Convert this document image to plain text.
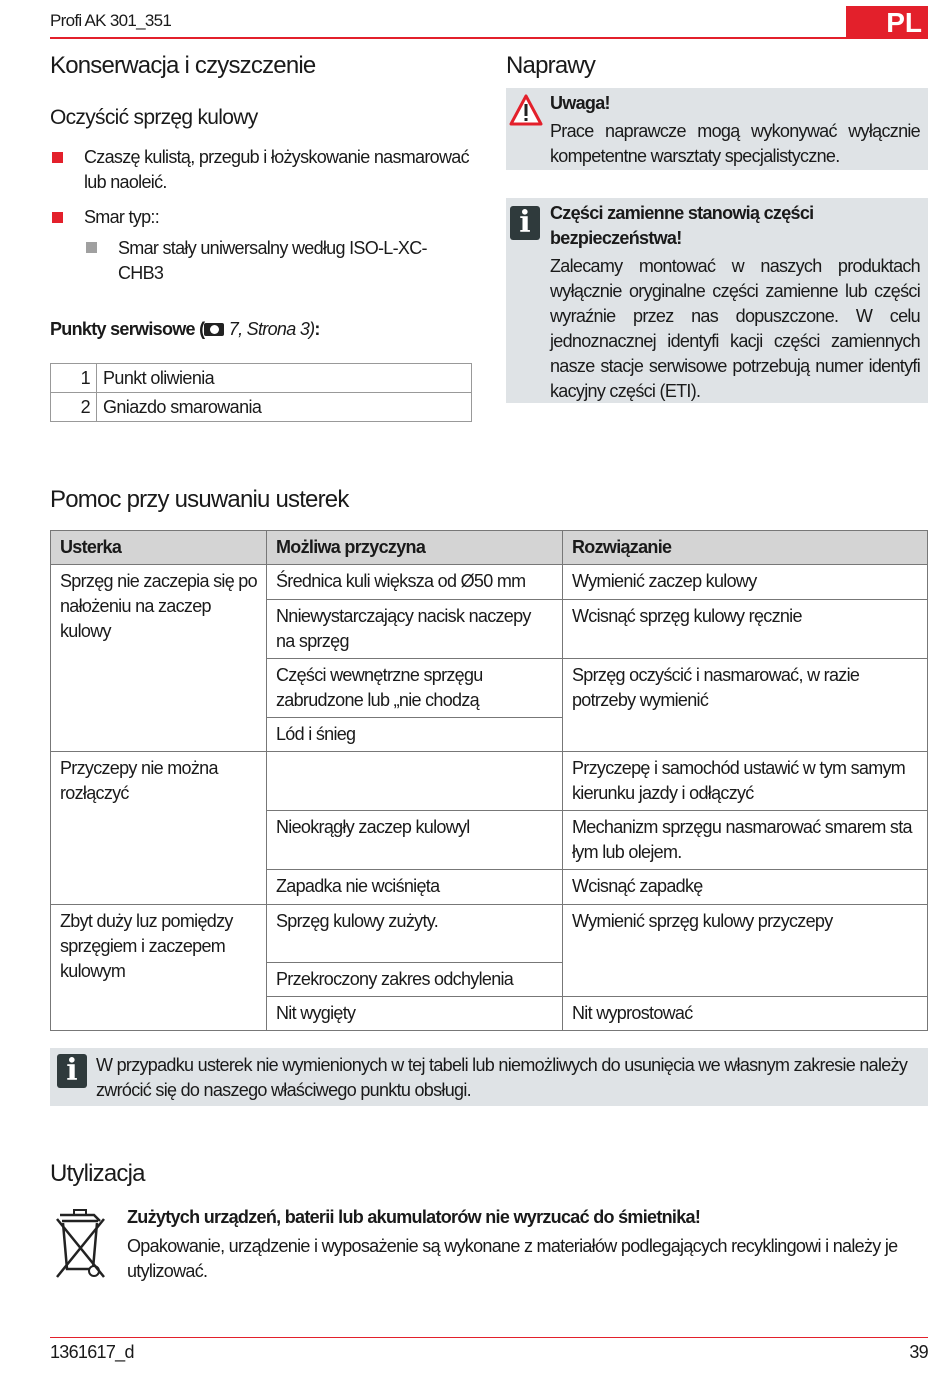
Profi AK 301_351	PL
Konserwacja i czyszczenie
Oczyścić sprzęg kulowy
Czaszę kulistą, przegub i łożyskowanie nasmarować lub naoleić.
Smar typ::
Smar stały uniwersalny według ISO-L-XC-CHB3
Punkty serwisowe (
7, Strona 3):
1	Punkt oliwienia
2	Gniazdo smarowania
Naprawy
Uwaga!
Prace naprawcze mogą wykonywać wyłącznie kompetentne warsztaty specjalistyczne.
i	Części zamienne stanowią części bezpieczeństwa!
Zalecamy montować w naszych produktach wyłącznie oryginalne części zamienne lub części wyraźnie przez nas dopuszczone. W celu jednoznacznej identyfi kacji części zamiennych nasze stacje serwisowe potrzebują numer identyfi kacyjny części (ETI).
Pomoc przy usuwaniu usterek
Usterka	Możliwa przyczyna	Rozwiązanie
Sprzęg nie zaczepia się po nałożeniu na zaczep kulowy	Średnica kuli większa od Ø50 mm	Wymienić zaczep kulowy
	Nniewystarczający nacisk naczepy na sprzęg	Wcisnąć sprzęg kulowy ręcznie
	Części wewnętrzne sprzęgu zabrudzone lub „nie chodzą	Sprzęg oczyścić i nasmarować, w razie potrzeby wymienić
	Lód i śnieg	
Przyczepy nie można rozłączyć		Przyczepę i samochód ustawić w tym samym kierunku jazdy i odłączyć
	Nieokrągły zaczep kulowyl	Mechanizm sprzęgu nasmarować smarem sta łym lub olejem.
	Zapadka nie wciśnięta	Wcisnąć zapadkę
Zbyt duży luz pomiędzy sprzęgiem i zaczepem kulowym	Sprzęg kulowy zużyty.	Wymienić sprzęg kulowy przyczepy
	Przekroczony zakres odchylenia	
	Nit wygięty	Nit wyprostować
i	W przypadku usterek nie wymienionych w tej tabeli lub niemożliwych do usunięcia we własnym zakresie należy zwrócić się do naszego właściwego punktu obsługi.
Utylizacja
Zużytych urządzeń, baterii lub akumulatorów nie wyrzucać do śmietnika!
Opakowanie, urządzenie i wyposażenie są wykonane z materiałów podlegających recyklingowi i należy je utylizować.
1361617_d	39
